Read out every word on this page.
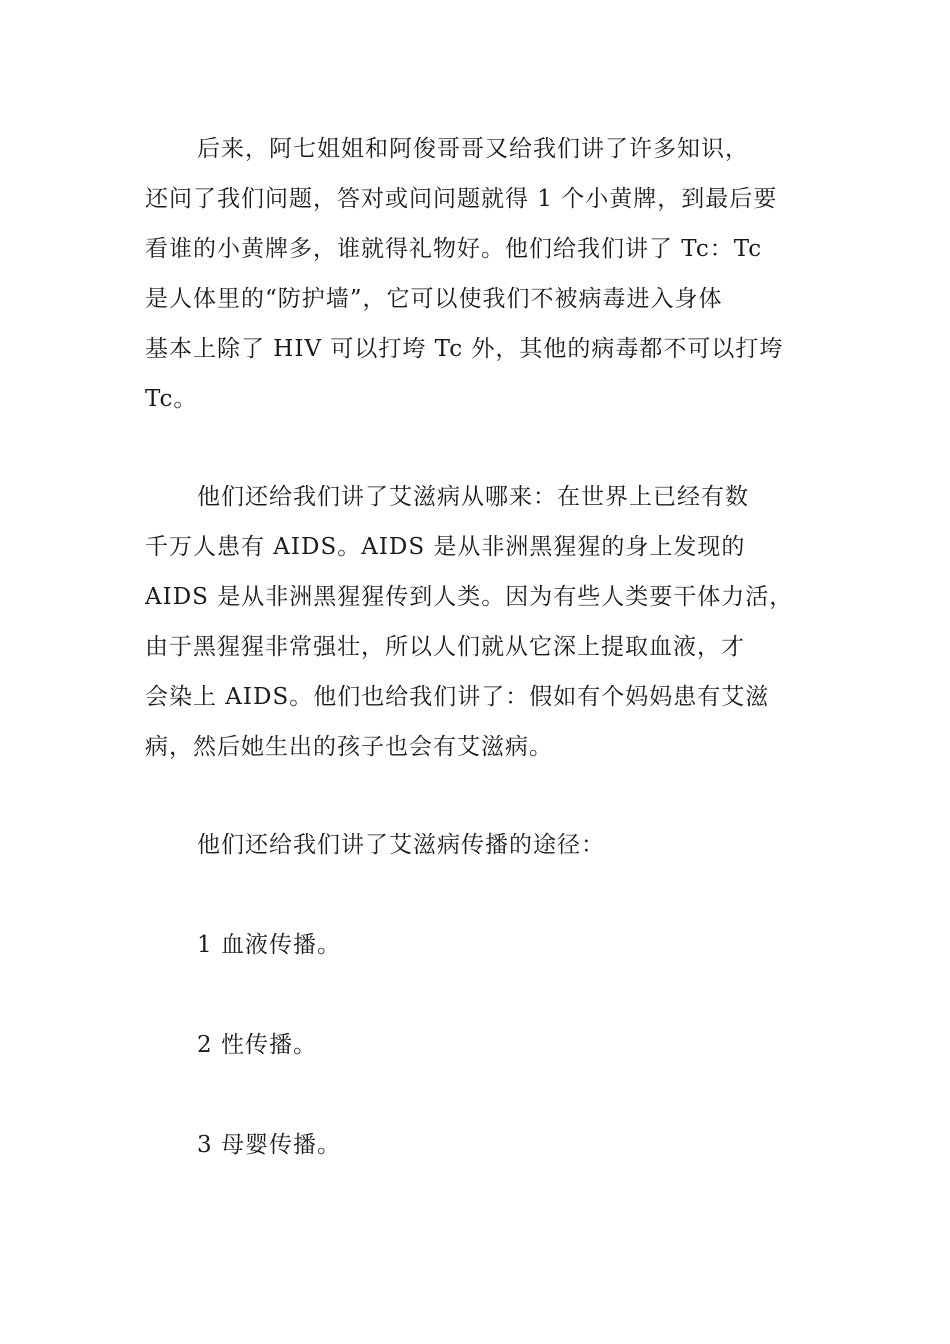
后来，阿七姐姐和阿俊哥哥又给我们讲了许多知识，
还问了我们问题，答对或问问题就得 1 个小黄牌，到最后要
看谁的小黄牌多，谁就得礼物好。他们给我们讲了 Tc：Tc
是人体里的“防护墙”，它可以使我们不被病毒进入身体
基本上除了 HIV 可以打垮 Tc 外，其他的病毒都不可以打垮
Tc。
他们还给我们讲了艾滋病从哪来：在世界上已经有数
千万人患有 AIDS。AIDS 是从非洲黑猩猩的身上发现的
AIDS 是从非洲黑猩猩传到人类。因为有些人类要干体力活，
由于黑猩猩非常强壮，所以人们就从它深上提取血液，才
会染上 AIDS。他们也给我们讲了：假如有个妈妈患有艾滋
病，然后她生出的孩子也会有艾滋病。
他们还给我们讲了艾滋病传播的途径：
1 血液传播。
2 性传播。
3 母婴传播。
